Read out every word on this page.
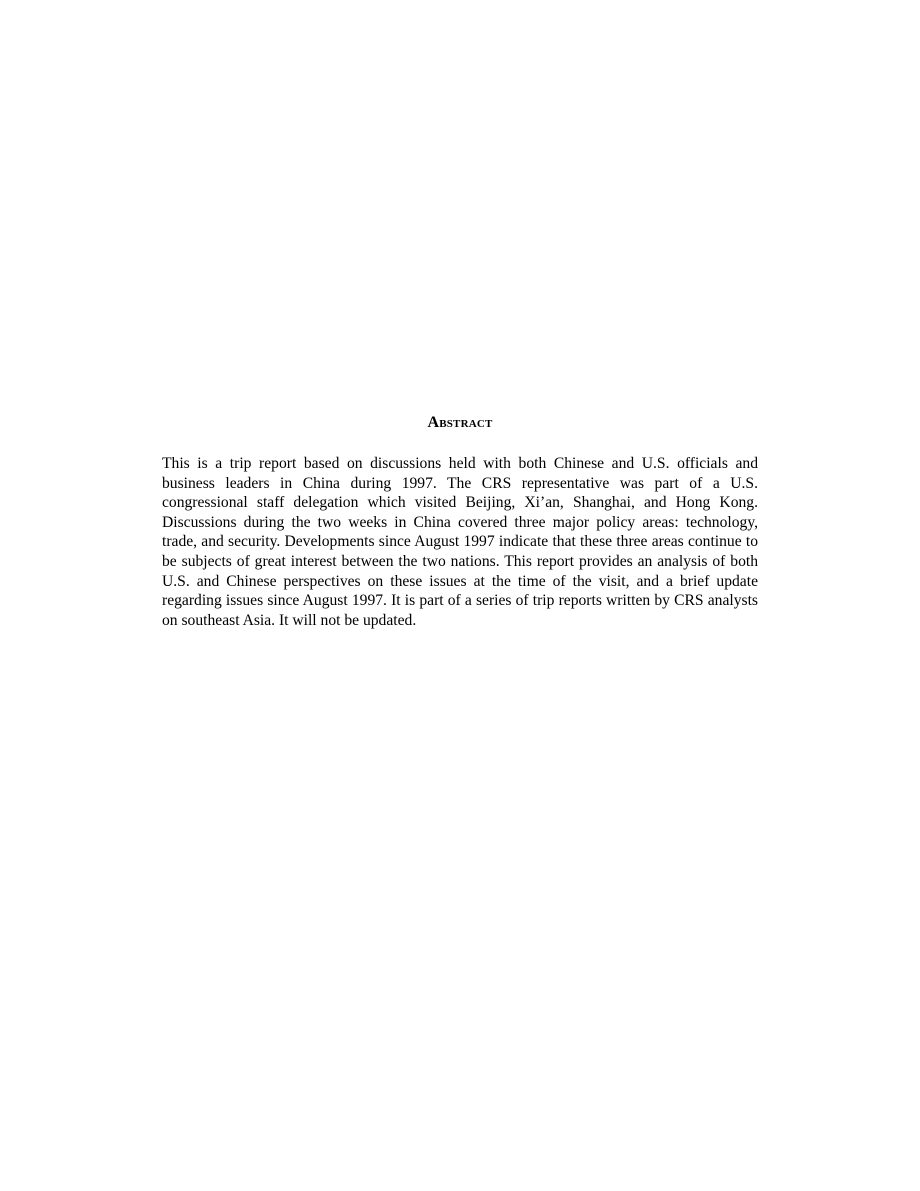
Abstract

This is a trip report based on discussions held with both Chinese and U.S. officials and business leaders in China during 1997. The CRS representative was part of a U.S. congressional staff delegation which visited Beijing, Xi’an, Shanghai, and Hong Kong. Discussions during the two weeks in China covered three major policy areas: technology, trade, and security. Developments since August 1997 indicate that these three areas continue to be subjects of great interest between the two nations. This report provides an analysis of both U.S. and Chinese perspectives on these issues at the time of the visit, and a brief update regarding issues since August 1997. It is part of a series of trip reports written by CRS analysts on southeast Asia. It will not be updated.
